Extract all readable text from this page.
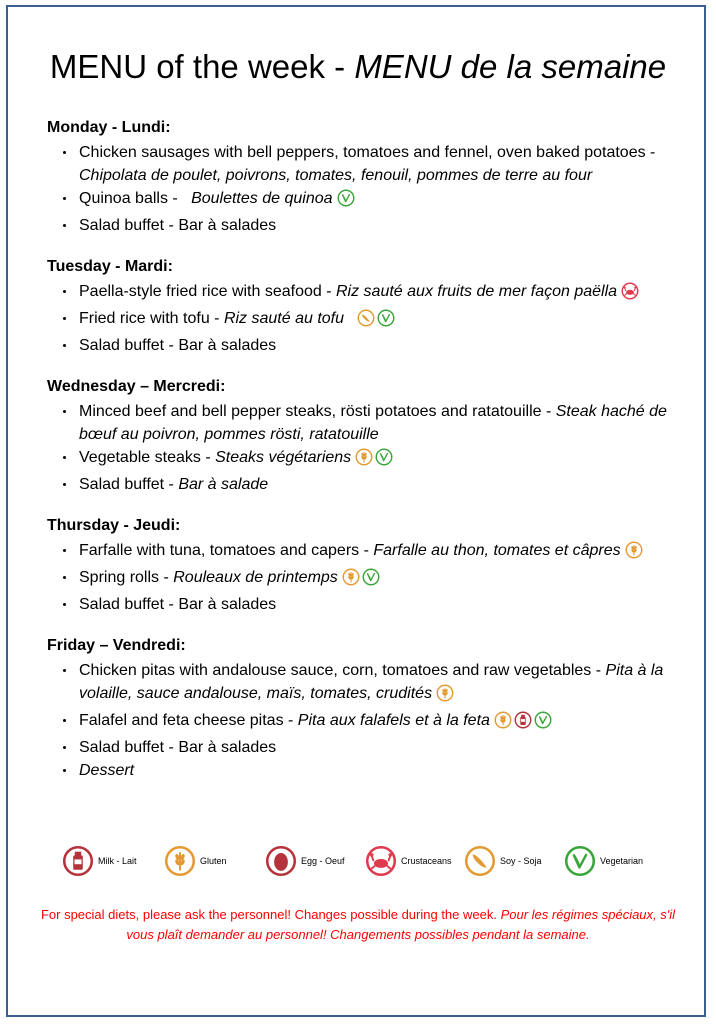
MENU of the week - MENU de la semaine
Monday - Lundi:
Chicken sausages with bell peppers, tomatoes and fennel, oven baked potatoes - Chipolata de poulet, poivrons, tomates, fenouil, pommes de terre au four
Quinoa balls -   Boulettes de quinoa
Salad buffet - Bar à salades
Tuesday - Mardi:
Paella-style fried rice with seafood - Riz sauté aux fruits de mer façon paëlla
Fried rice with tofu - Riz sauté au tofu
Salad buffet - Bar à salades
Wednesday – Mercredi:
Minced beef and bell pepper steaks, rösti potatoes and ratatouille - Steak haché de bœuf au poivron, pommes rösti, ratatouille
Vegetable steaks - Steaks végétariens
Salad buffet - Bar à salade
Thursday - Jeudi:
Farfalle with tuna, tomatoes and capers - Farfalle au thon, tomates et câpres
Spring rolls - Rouleaux de printemps
Salad buffet - Bar à salades
Friday – Vendredi:
Chicken pitas with andalouse sauce, corn, tomatoes and raw vegetables - Pita à la volaille, sauce andalouse, maïs, tomates, crudités
Falafel and feta cheese pitas - Pita aux falafels et à la feta
Salad buffet - Bar à salades
Dessert
Milk - Lait	Gluten	Egg - Oeuf	Crustaceans	Soy - Soja	Vegetarian
For special diets, please ask the personnel! Changes possible during the week. Pour les régimes spéciaux, s'il vous plaît demander au personnel! Changements possibles pendant la semaine.
